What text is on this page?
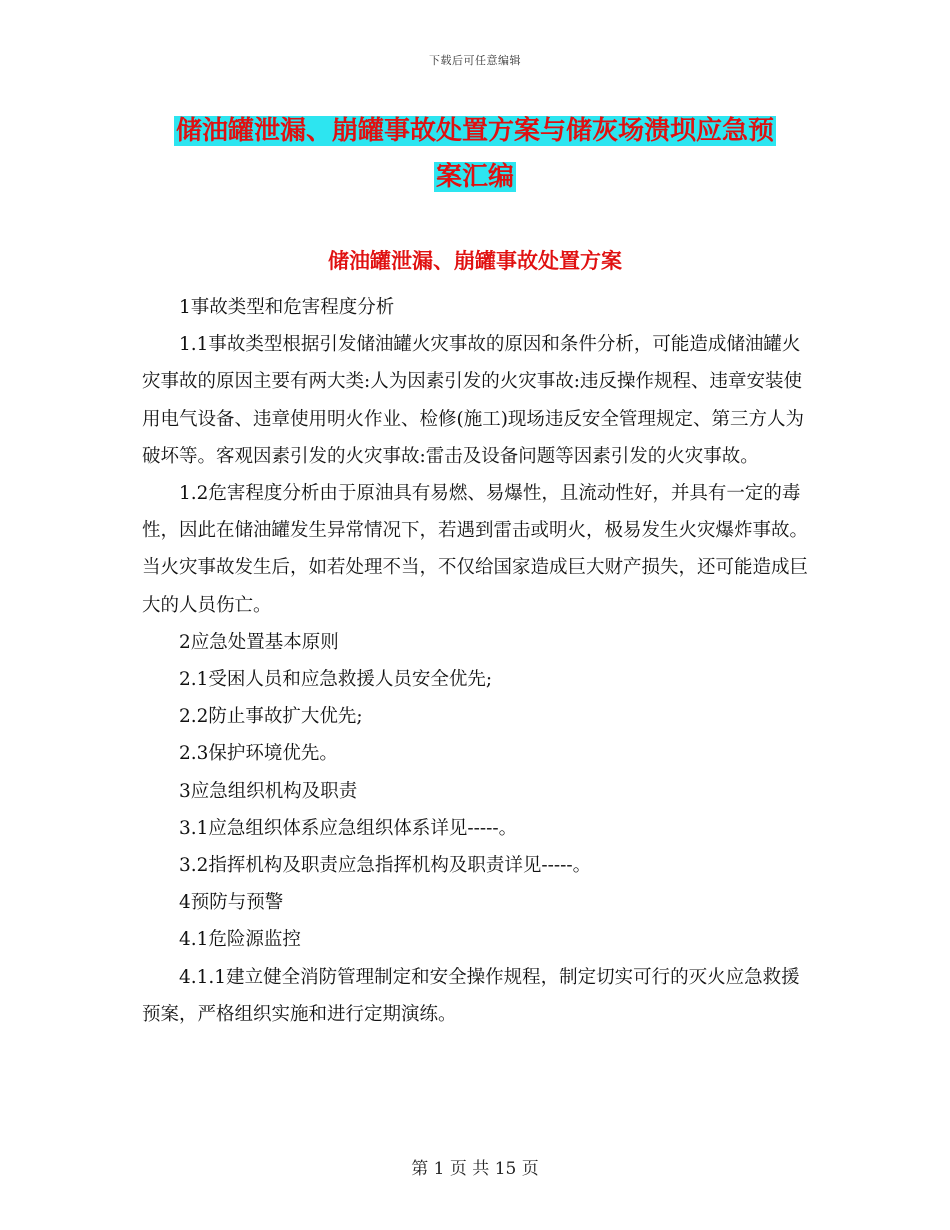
下载后可任意编辑
储油罐泄漏、崩罐事故处置方案与储灰场溃坝应急预
案汇编
储油罐泄漏、崩罐事故处置方案

1事故类型和危害程度分析

1.1事故类型根据引发储油罐火灾事故的原因和条件分析，可能造成储油罐火灾事故的原因主要有两大类:人为因素引发的火灾事故:违反操作规程、违章安装使用电气设备、违章使用明火作业、检修(施工)现场违反安全管理规定、第三方人为破坏等。客观因素引发的火灾事故:雷击及设备问题等因素引发的火灾事故。

1.2危害程度分析由于原油具有易燃、易爆性，且流动性好，并具有一定的毒性，因此在储油罐发生异常情况下，若遇到雷击或明火，极易发生火灾爆炸事故。当火灾事故发生后，如若处理不当，不仅给国家造成巨大财产损失，还可能造成巨大的人员伤亡。

2应急处置基本原则

2.1受困人员和应急救援人员安全优先;

2.2防止事故扩大优先;

2.3保护环境优先。

3应急组织机构及职责

3.1应急组织体系应急组织体系详见-----。

3.2指挥机构及职责应急指挥机构及职责详见-----。

4预防与预警

4.1危险源监控

4.1.1建立健全消防管理制定和安全操作规程，制定切实可行的灭火应急救援预案，严格组织实施和进行定期演练。

第 1 页 共 15 页
